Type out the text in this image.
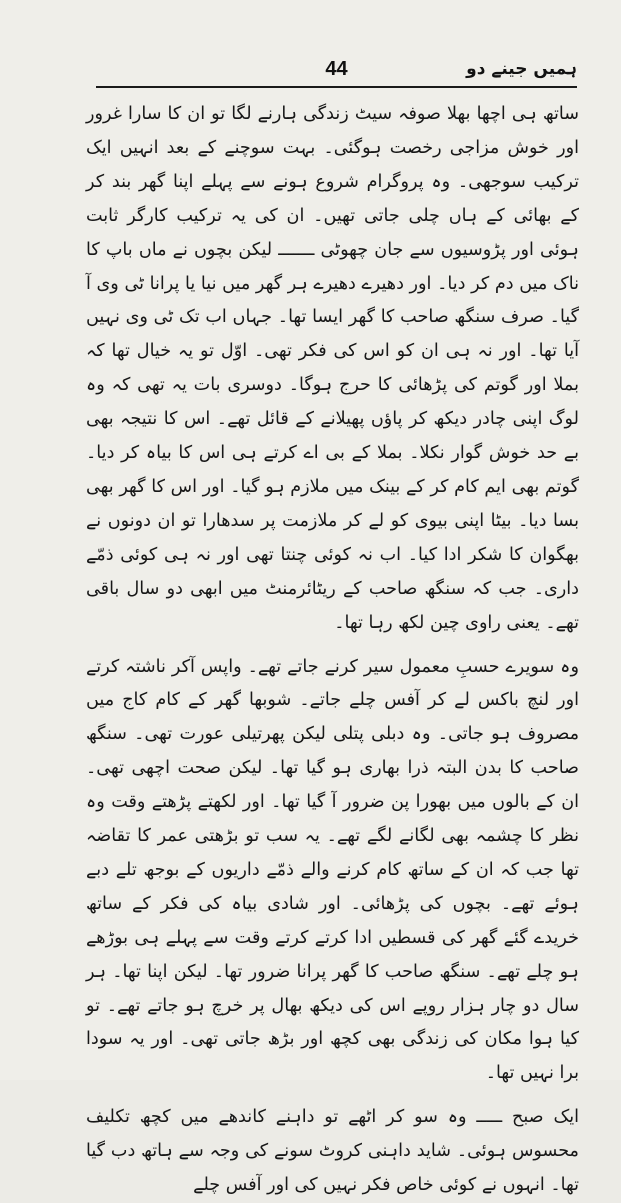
44	ہمیں جینے دو

ساتھ ہی اچھا بھلا صوفہ سیٹ زندگی ہارنے لگا تو ان کا سارا غرور اور خوش مزاجی رخصت ہوگئی۔ بہت سوچنے کے بعد انہیں ایک ترکیب سوجھی۔ وہ پروگرام شروع ہونے سے پہلے اپنا گھر بند کر کے بھائی کے ہاں چلی جاتی تھیں۔ ان کی یہ ترکیب کارگر ثابت ہوئی اور پڑوسیوں سے جان چھوٹی ـــــــ لیکن بچوں نے ماں باپ کا ناک میں دم کر دیا۔ اور دھیرے دھیرے ہر گھر میں نیا یا پرانا ٹی وی آ گیا۔ صرف سنگھ صاحب کا گھر ایسا تھا۔ جہاں اب تک ٹی وی نہیں آیا تھا۔ اور نہ ہی ان کو اس کی فکر تھی۔ اوّل تو یہ خیال تھا کہ بملا اور گوتم کی پڑھائی کا حرج ہوگا۔ دوسری بات یہ تھی کہ وہ لوگ اپنی چادر دیکھ کر پاؤں پھیلانے کے قائل تھے۔ اس کا نتیجہ بھی بے حد خوش گوار نکلا۔ بملا کے بی اے کرتے ہی اس کا بیاہ کر دیا۔ گوتم بھی ایم کام کر کے بینک میں ملازم ہو گیا۔ اور اس کا گھر بھی بسا دیا۔ بیٹا اپنی بیوی کو لے کر ملازمت پر سدھارا تو ان دونوں نے بھگوان کا شکر ادا کیا۔ اب نہ کوئی چنتا تھی اور نہ ہی کوئی ذمّے داری۔ جب کہ سنگھ صاحب کے ریٹائرمنٹ میں ابھی دو سال باقی تھے۔ یعنی راوی چین لکھ رہا تھا۔

وہ سویرے حسبِ معمول سیر کرنے جاتے تھے۔ واپس آکر ناشتہ کرتے اور لنچ باکس لے کر آفس چلے جاتے۔ شوبھا گھر کے کام کاج میں مصروف ہو جاتی۔ وہ دبلی پتلی لیکن پھرتیلی عورت تھی۔ سنگھ صاحب کا بدن البتہ ذرا بھاری ہو گیا تھا۔ لیکن صحت اچھی تھی۔ ان کے بالوں میں بھورا پن ضرور آ گیا تھا۔ اور لکھتے پڑھتے وقت وہ نظر کا چشمہ بھی لگانے لگے تھے۔ یہ سب تو بڑھتی عمر کا تقاضہ تھا جب کہ ان کے ساتھ کام کرنے والے ذمّے داریوں کے بوجھ تلے دبے ہوئے تھے۔ بچوں کی پڑھائی۔ اور شادی بیاہ کی فکر کے ساتھ خریدے گئے گھر کی قسطیں ادا کرتے کرتے وقت سے پہلے ہی بوڑھے ہو چلے تھے۔ سنگھ صاحب کا گھر پرانا ضرور تھا۔ لیکن اپنا تھا۔ ہر سال دو چار ہزار روپے اس کی دیکھ بھال پر خرچ ہو جاتے تھے۔ تو کیا ہوا مکان کی زندگی بھی کچھ اور بڑھ جاتی تھی۔ اور یہ سودا برا نہیں تھا۔

ایک صبح ـــــ وہ سو کر اٹھے تو داہنے کاندھے میں کچھ تکلیف محسوس ہوئی۔ شاید داہنی کروٹ سونے کی وجہ سے ہاتھ دب گیا تھا۔ انہوں نے کوئی خاص فکر نہیں کی اور آفس چلے
